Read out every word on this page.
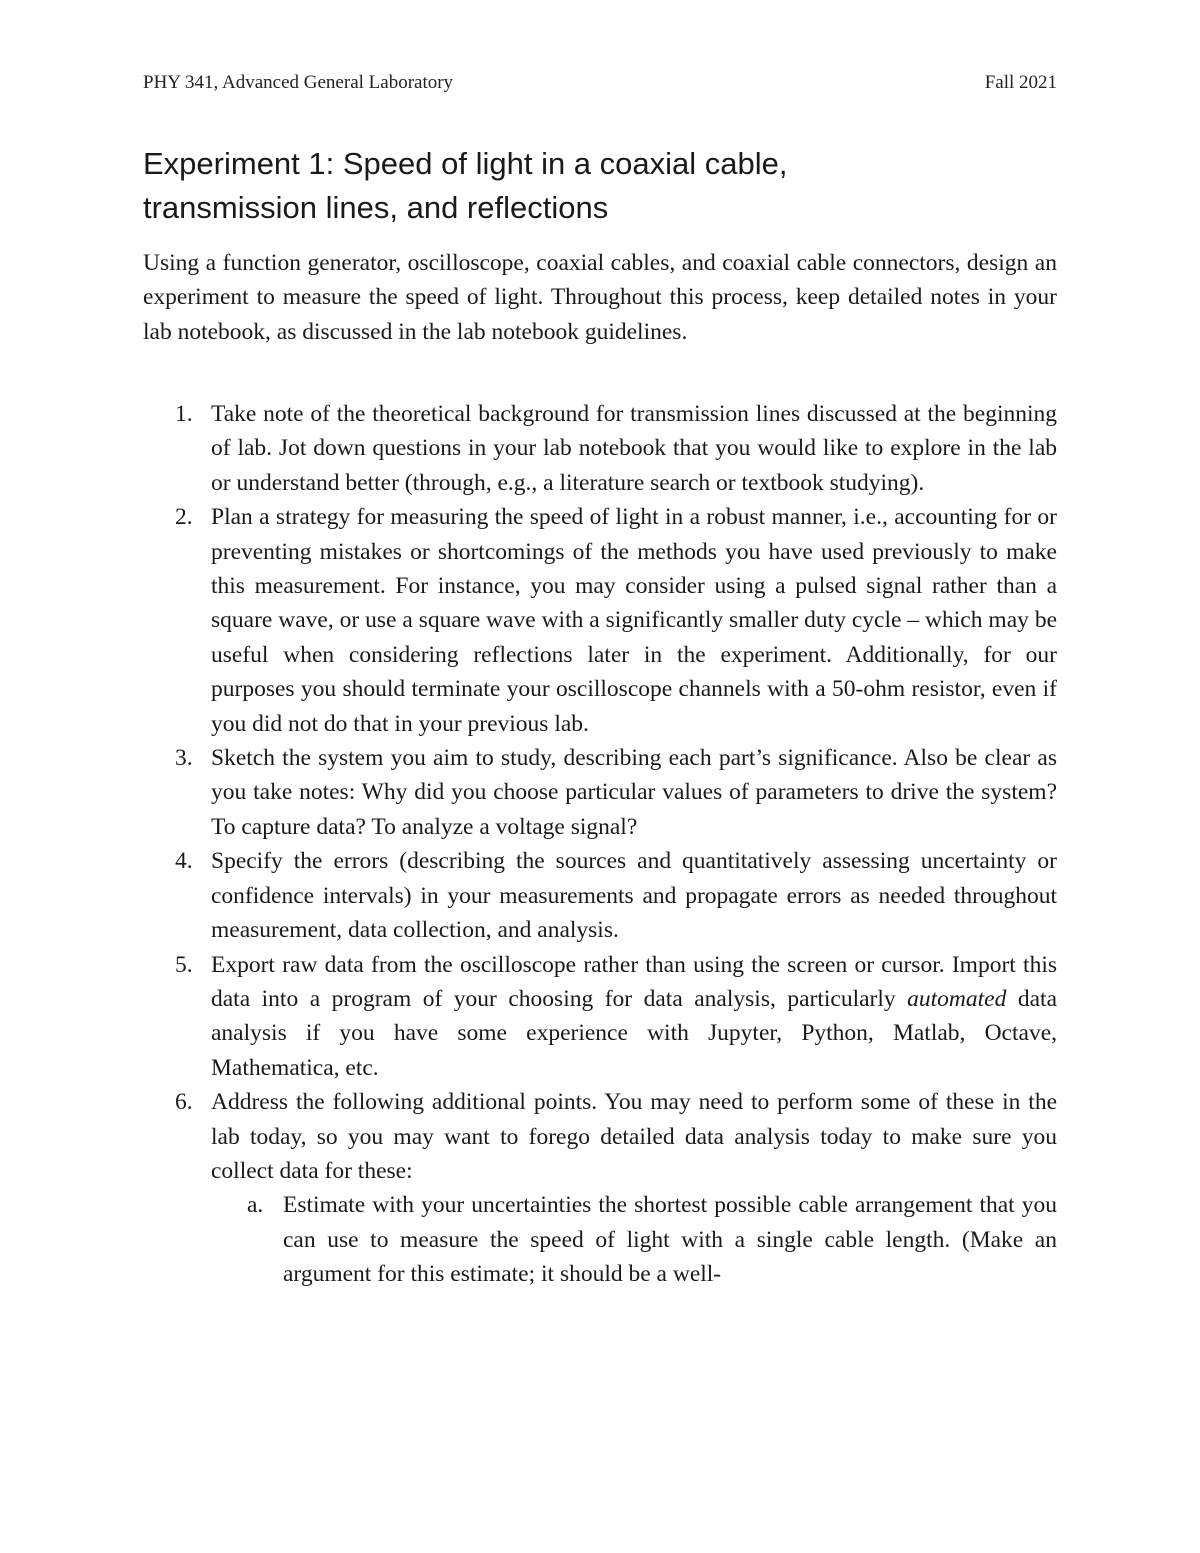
PHY 341, Advanced General Laboratory	Fall 2021
Experiment 1: Speed of light in a coaxial cable,
transmission lines, and reflections

Using a function generator, oscilloscope, coaxial cables, and coaxial cable connectors, design an experiment to measure the speed of light. Throughout this process, keep detailed notes in your lab notebook, as discussed in the lab notebook guidelines.

1. Take note of the theoretical background for transmission lines discussed at the beginning of lab. Jot down questions in your lab notebook that you would like to explore in the lab or understand better (through, e.g., a literature search or textbook studying).
2. Plan a strategy for measuring the speed of light in a robust manner, i.e., accounting for or preventing mistakes or shortcomings of the methods you have used previously to make this measurement. For instance, you may consider using a pulsed signal rather than a square wave, or use a square wave with a significantly smaller duty cycle – which may be useful when considering reflections later in the experiment. Additionally, for our purposes you should terminate your oscilloscope channels with a 50-ohm resistor, even if you did not do that in your previous lab.
3. Sketch the system you aim to study, describing each part’s significance. Also be clear as you take notes: Why did you choose particular values of parameters to drive the system? To capture data? To analyze a voltage signal?
4. Specify the errors (describing the sources and quantitatively assessing uncertainty or confidence intervals) in your measurements and propagate errors as needed throughout measurement, data collection, and analysis.
5. Export raw data from the oscilloscope rather than using the screen or cursor. Import this data into a program of your choosing for data analysis, particularly automated data analysis if you have some experience with Jupyter, Python, Matlab, Octave, Mathematica, etc.
6. Address the following additional points. You may need to perform some of these in the lab today, so you may want to forego detailed data analysis today to make sure you collect data for these:
a. Estimate with your uncertainties the shortest possible cable arrangement that you can use to measure the speed of light with a single cable length. (Make an argument for this estimate; it should be a well-
